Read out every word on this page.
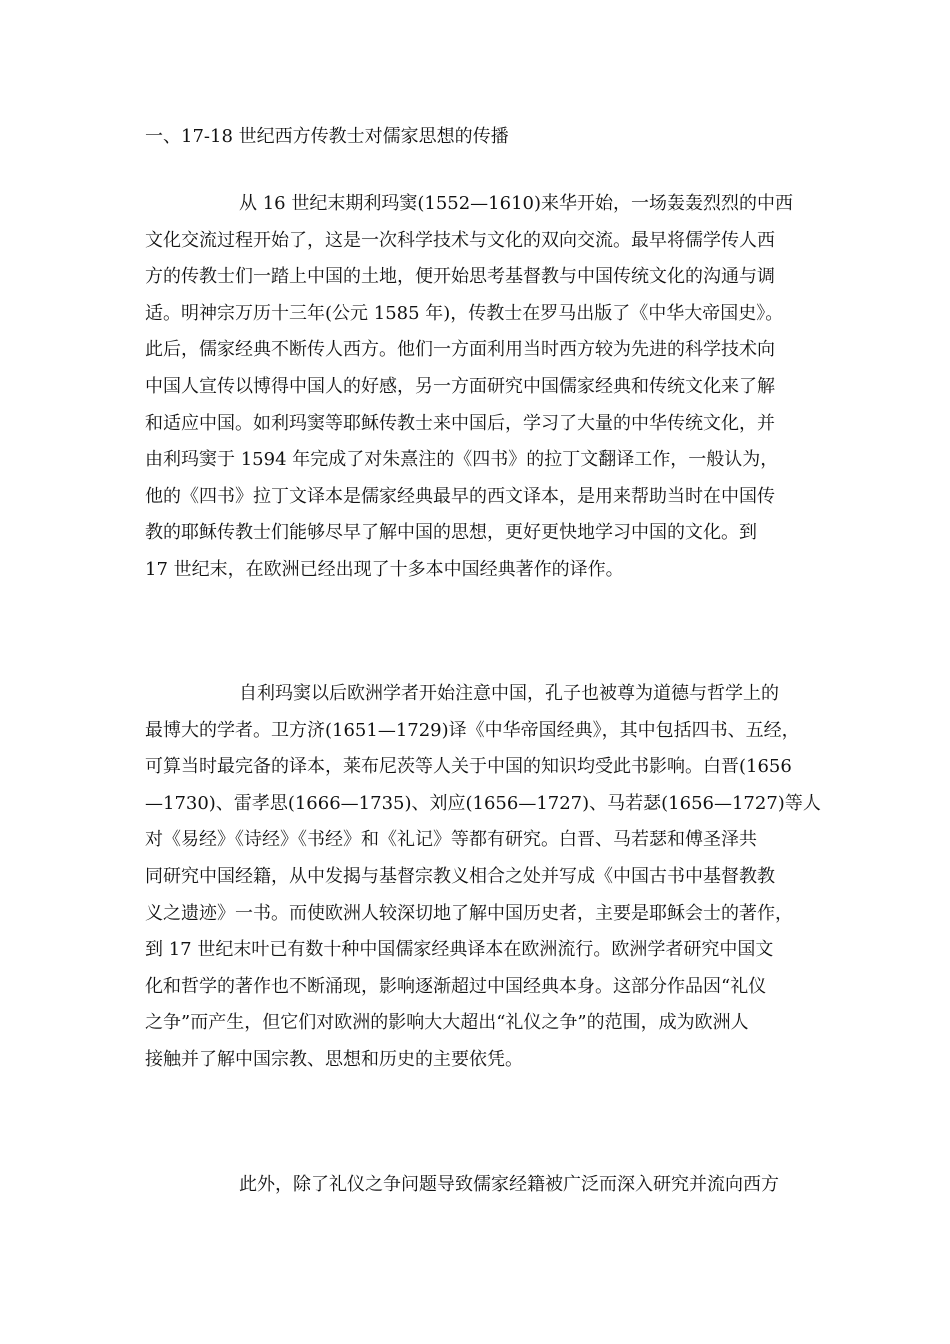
一、17-18 世纪西方传教士对儒家思想的传播
从 16 世纪末期利玛窦(1552—1610)来华开始，一场轰轰烈烈的中西
文化交流过程开始了，这是一次科学技术与文化的双向交流。最早将儒学传人西
方的传教士们一踏上中国的土地，便开始思考基督教与中国传统文化的沟通与调
适。明神宗万历十三年(公元 1585 年)，传教士在罗马出版了《中华大帝国史》。
此后，儒家经典不断传人西方。他们一方面利用当时西方较为先进的科学技术向
中国人宣传以博得中国人的好感，另一方面研究中国儒家经典和传统文化来了解
和适应中国。如利玛窦等耶稣传教士来中国后，学习了大量的中华传统文化，并
由利玛窦于 1594 年完成了对朱熹注的《四书》的拉丁文翻译工作，一般认为，
他的《四书》拉丁文译本是儒家经典最早的西文译本，是用来帮助当时在中国传
教的耶稣传教士们能够尽早了解中国的思想，更好更快地学习中国的文化。到
17 世纪末，在欧洲已经出现了十多本中国经典著作的译作。
自利玛窦以后欧洲学者开始注意中国，孔子也被尊为道德与哲学上的
最博大的学者。卫方济(1651—1729)译《中华帝国经典》，其中包括四书、五经，
可算当时最完备的译本，莱布尼茨等人关于中国的知识均受此书影响。白晋(1656
—1730)、雷孝思(1666—1735)、刘应(1656—1727)、马若瑟(1656—1727)等人
对《易经》《诗经》《书经》和《礼记》等都有研究。白晋、马若瑟和傅圣泽共
同研究中国经籍，从中发揭与基督宗教义相合之处并写成《中国古书中基督教教
义之遗迹》一书。而使欧洲人较深切地了解中国历史者，主要是耶稣会士的著作，
到 17 世纪末叶已有数十种中国儒家经典译本在欧洲流行。欧洲学者研究中国文
化和哲学的著作也不断涌现，影响逐渐超过中国经典本身。这部分作品因“礼仪
之争”而产生，但它们对欧洲的影响大大超出“礼仪之争”的范围，成为欧洲人
接触并了解中国宗教、思想和历史的主要依凭。
此外，除了礼仪之争问题导致儒家经籍被广泛而深入研究并流向西方
